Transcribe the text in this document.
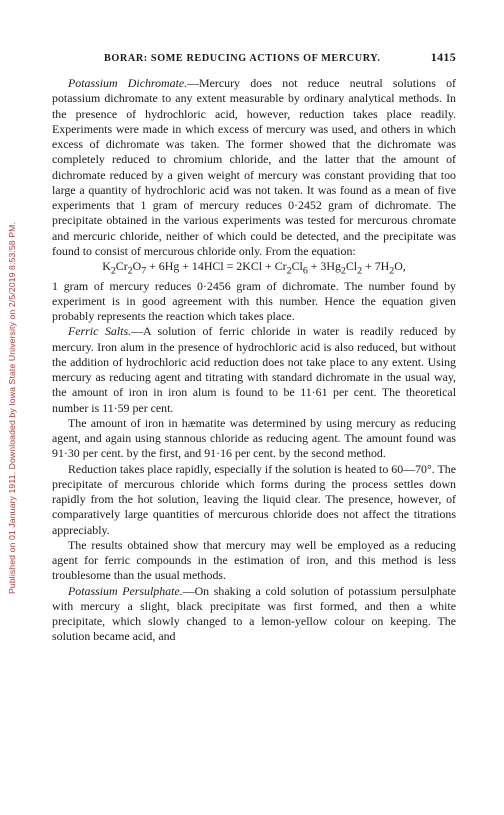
Published on 01 January 1911. Downloaded by Iowa State University on 2/5/2019 8:53:58 PM.
BORAR: SOME REDUCING ACTIONS OF MERCURY.	1415

Potassium Dichromate.—Mercury does not reduce neutral solutions of potassium dichromate to any extent measurable by ordinary analytical methods. In the presence of hydrochloric acid, however, reduction takes place readily. Experiments were made in which excess of mercury was used, and others in which excess of dichromate was taken. The former showed that the dichromate was completely reduced to chromium chloride, and the latter that the amount of dichromate reduced by a given weight of mercury was constant providing that too large a quantity of hydrochloric acid was not taken. It was found as a mean of five experiments that 1 gram of mercury reduces 0·2452 gram of dichromate. The precipitate obtained in the various experiments was tested for mercurous chromate and mercuric chloride, neither of which could be detected, and the precipitate was found to consist of mercurous chloride only. From the equation:

$K_2Cr_2O_7 + 6Hg + 14HCl = 2KCl + Cr_2Cl_6 + 3Hg_2Cl_2 + 7H_2O$,

1 gram of mercury reduces 0·2456 gram of dichromate. The number found by experiment is in good agreement with this number. Hence the equation given probably represents the reaction which takes place.

Ferric Salts.—A solution of ferric chloride in water is readily reduced by mercury. Iron alum in the presence of hydrochloric acid is also reduced, but without the addition of hydrochloric acid reduction does not take place to any extent. Using mercury as reducing agent and titrating with standard dichromate in the usual way, the amount of iron in iron alum is found to be 11·61 per cent. The theoretical number is 11·59 per cent.

The amount of iron in hæmatite was determined by using mercury as reducing agent, and again using stannous chloride as reducing agent. The amount found was 91·30 per cent. by the first, and 91·16 per cent. by the second method.

Reduction takes place rapidly, especially if the solution is heated to 60—70°. The precipitate of mercurous chloride which forms during the process settles down rapidly from the hot solution, leaving the liquid clear. The presence, however, of comparatively large quantities of mercurous chloride does not affect the titrations appreciably.

The results obtained show that mercury may well be employed as a reducing agent for ferric compounds in the estimation of iron, and this method is less troublesome than the usual methods.

Potassium Persulphate.—On shaking a cold solution of potassium persulphate with mercury a slight, black precipitate was first formed, and then a white precipitate, which slowly changed to a lemon-yellow colour on keeping. The solution became acid, and
